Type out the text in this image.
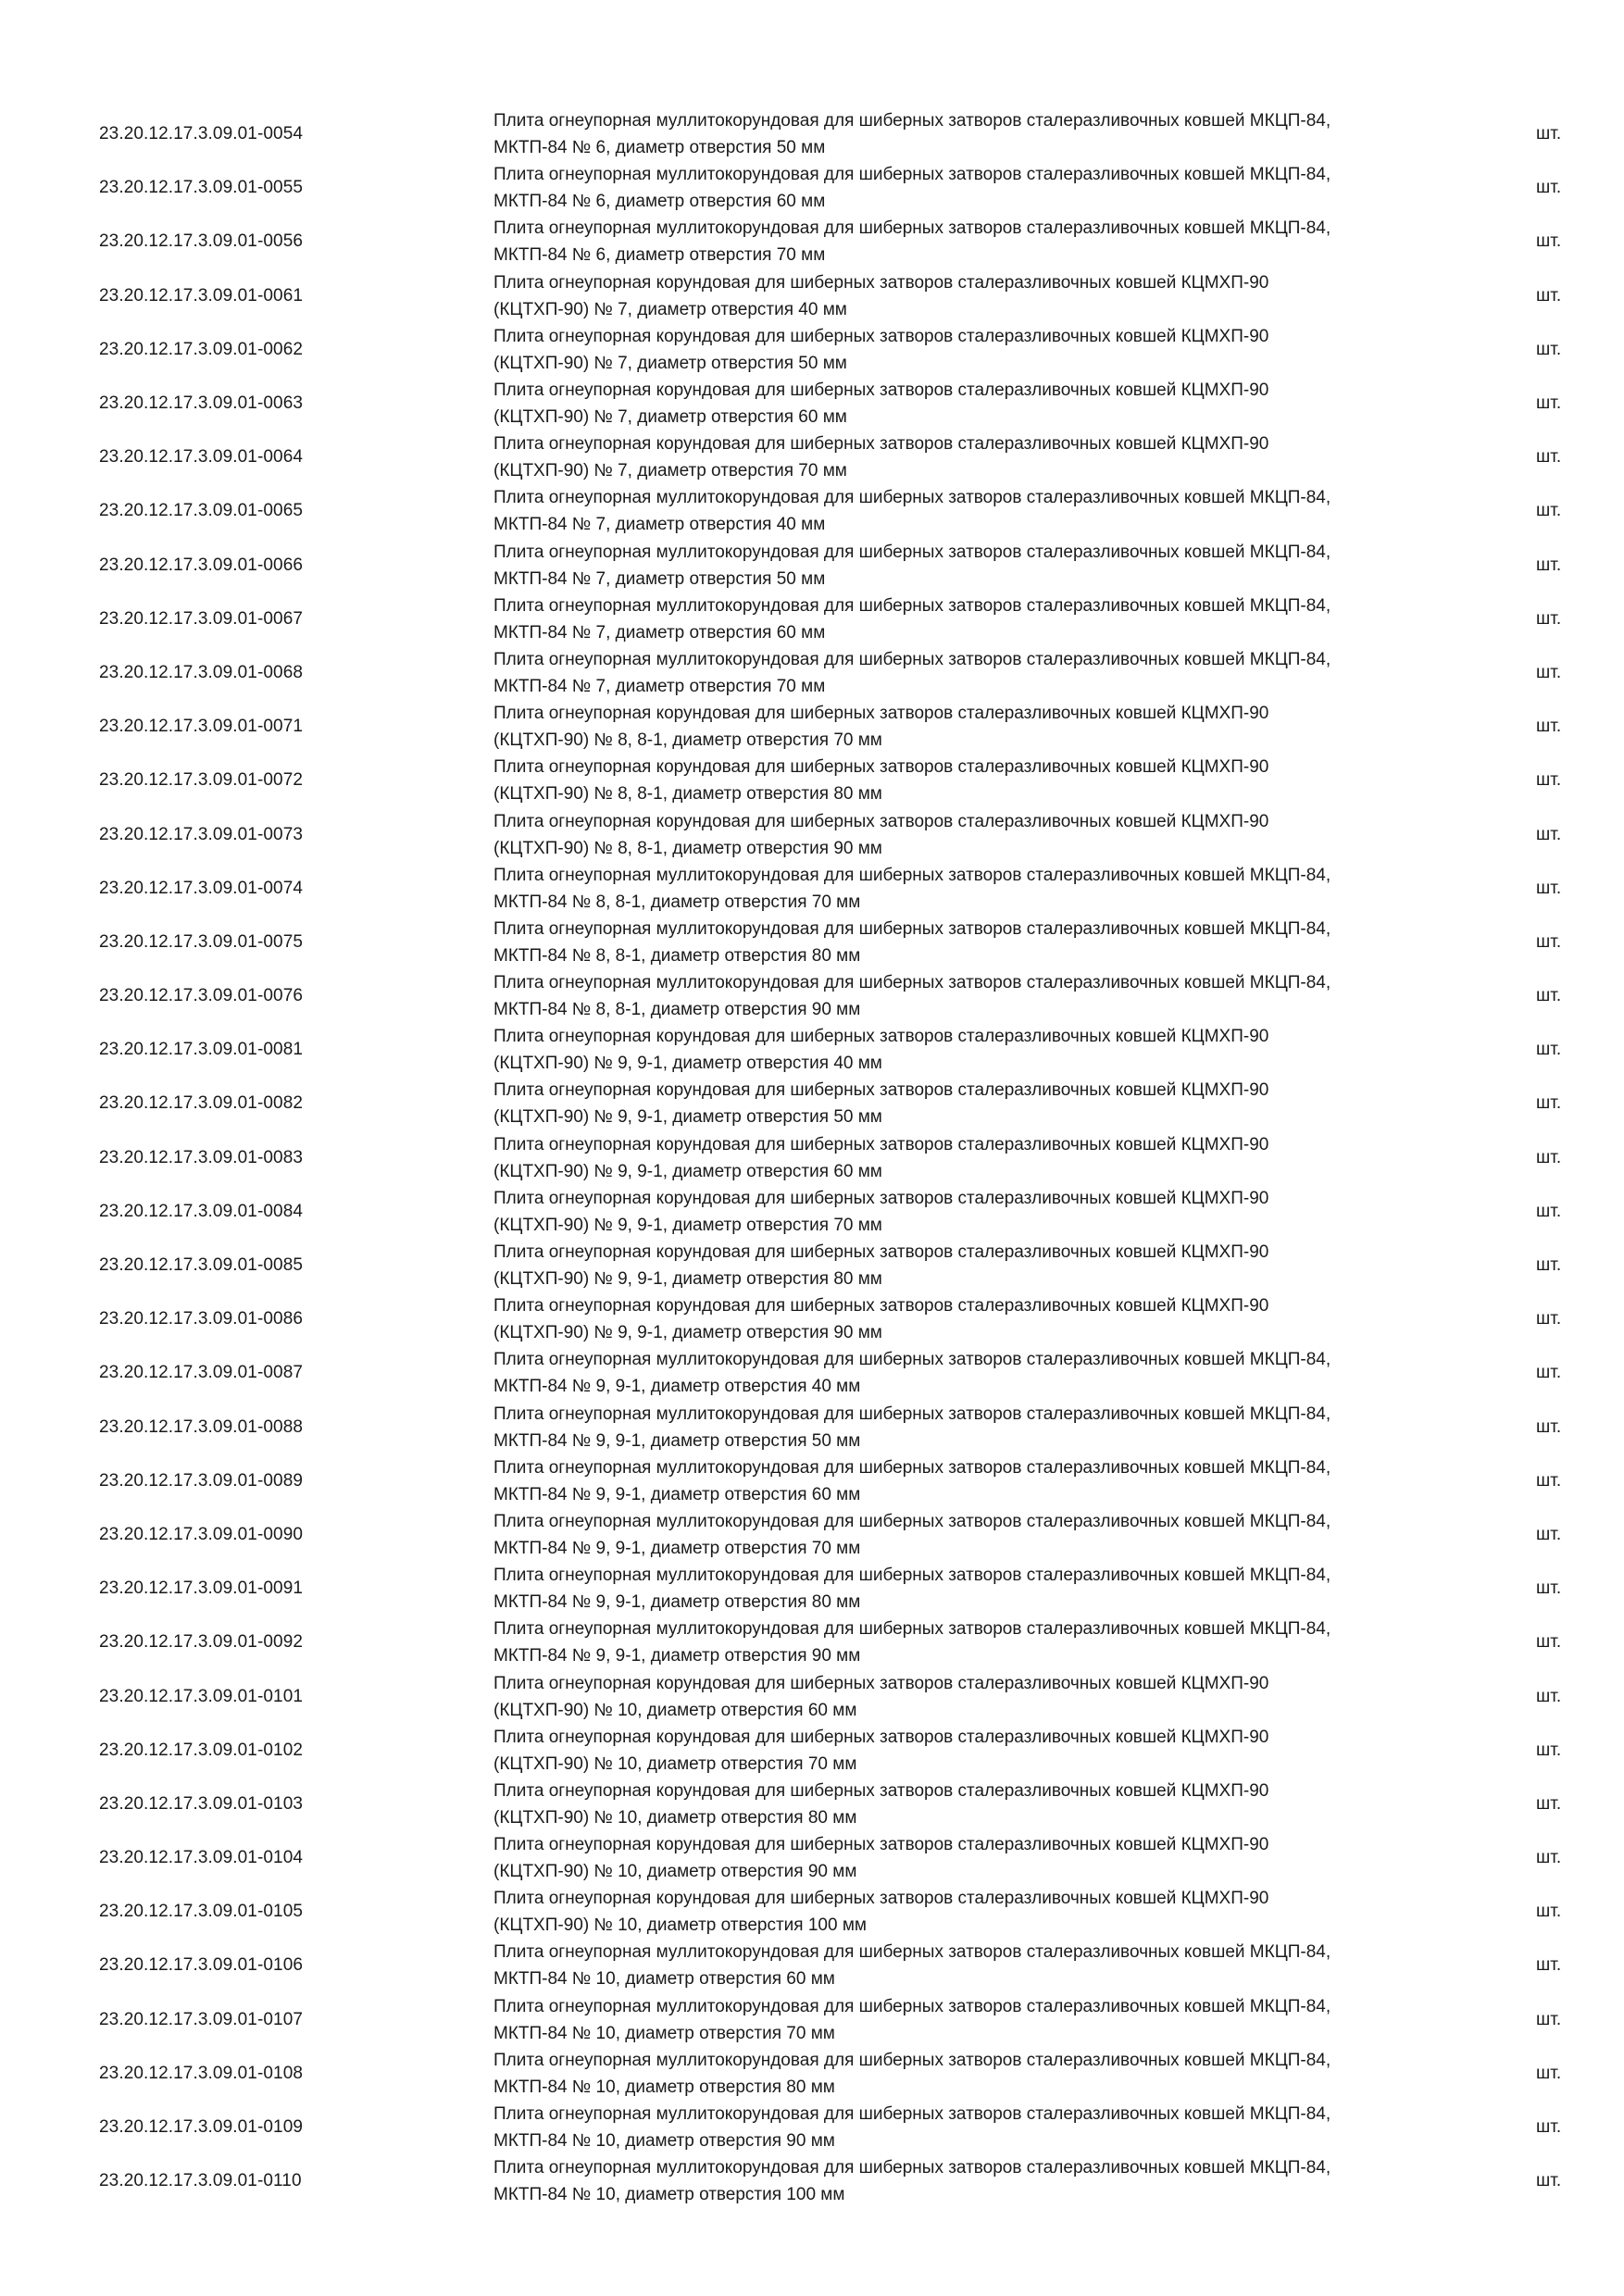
23.20.12.17.3.09.01-0054
Плита огнеупорная муллитокорундовая для шиберных затворов сталеразливочных ковшей МКЦП-84,
МКТП-84 № 6, диаметр отверстия 50 мм
шт.
23.20.12.17.3.09.01-0055
Плита огнеупорная муллитокорундовая для шиберных затворов сталеразливочных ковшей МКЦП-84,
МКТП-84 № 6, диаметр отверстия 60 мм
шт.
23.20.12.17.3.09.01-0056
Плита огнеупорная муллитокорундовая для шиберных затворов сталеразливочных ковшей МКЦП-84,
МКТП-84 № 6, диаметр отверстия 70 мм
шт.
23.20.12.17.3.09.01-0061
Плита огнеупорная корундовая для шиберных затворов сталеразливочных ковшей КЦМХП-90
(КЦТХП-90) № 7, диаметр отверстия 40 мм
шт.
23.20.12.17.3.09.01-0062
Плита огнеупорная корундовая для шиберных затворов сталеразливочных ковшей КЦМХП-90
(КЦТХП-90) № 7, диаметр отверстия 50 мм
шт.
23.20.12.17.3.09.01-0063
Плита огнеупорная корундовая для шиберных затворов сталеразливочных ковшей КЦМХП-90
(КЦТХП-90) № 7, диаметр отверстия 60 мм
шт.
23.20.12.17.3.09.01-0064
Плита огнеупорная корундовая для шиберных затворов сталеразливочных ковшей КЦМХП-90
(КЦТХП-90) № 7, диаметр отверстия 70 мм
шт.
23.20.12.17.3.09.01-0065
Плита огнеупорная муллитокорундовая для шиберных затворов сталеразливочных ковшей МКЦП-84,
МКТП-84 № 7, диаметр отверстия 40 мм
шт.
23.20.12.17.3.09.01-0066
Плита огнеупорная муллитокорундовая для шиберных затворов сталеразливочных ковшей МКЦП-84,
МКТП-84 № 7, диаметр отверстия 50 мм
шт.
23.20.12.17.3.09.01-0067
Плита огнеупорная муллитокорундовая для шиберных затворов сталеразливочных ковшей МКЦП-84,
МКТП-84 № 7, диаметр отверстия 60 мм
шт.
23.20.12.17.3.09.01-0068
Плита огнеупорная муллитокорундовая для шиберных затворов сталеразливочных ковшей МКЦП-84,
МКТП-84 № 7, диаметр отверстия 70 мм
шт.
23.20.12.17.3.09.01-0071
Плита огнеупорная корундовая для шиберных затворов сталеразливочных ковшей КЦМХП-90
(КЦТХП-90) № 8, 8-1, диаметр отверстия 70 мм
шт.
23.20.12.17.3.09.01-0072
Плита огнеупорная корундовая для шиберных затворов сталеразливочных ковшей КЦМХП-90
(КЦТХП-90) № 8, 8-1, диаметр отверстия 80 мм
шт.
23.20.12.17.3.09.01-0073
Плита огнеупорная корундовая для шиберных затворов сталеразливочных ковшей КЦМХП-90
(КЦТХП-90) № 8, 8-1, диаметр отверстия 90 мм
шт.
23.20.12.17.3.09.01-0074
Плита огнеупорная муллитокорундовая для шиберных затворов сталеразливочных ковшей МКЦП-84,
МКТП-84 № 8, 8-1, диаметр отверстия 70 мм
шт.
23.20.12.17.3.09.01-0075
Плита огнеупорная муллитокорундовая для шиберных затворов сталеразливочных ковшей МКЦП-84,
МКТП-84 № 8, 8-1, диаметр отверстия 80 мм
шт.
23.20.12.17.3.09.01-0076
Плита огнеупорная муллитокорундовая для шиберных затворов сталеразливочных ковшей МКЦП-84,
МКТП-84 № 8, 8-1, диаметр отверстия 90 мм
шт.
23.20.12.17.3.09.01-0081
Плита огнеупорная корундовая для шиберных затворов сталеразливочных ковшей КЦМХП-90
(КЦТХП-90) № 9, 9-1, диаметр отверстия 40 мм
шт.
23.20.12.17.3.09.01-0082
Плита огнеупорная корундовая для шиберных затворов сталеразливочных ковшей КЦМХП-90
(КЦТХП-90) № 9, 9-1, диаметр отверстия 50 мм
шт.
23.20.12.17.3.09.01-0083
Плита огнеупорная корундовая для шиберных затворов сталеразливочных ковшей КЦМХП-90
(КЦТХП-90) № 9, 9-1, диаметр отверстия 60 мм
шт.
23.20.12.17.3.09.01-0084
Плита огнеупорная корундовая для шиберных затворов сталеразливочных ковшей КЦМХП-90
(КЦТХП-90) № 9, 9-1, диаметр отверстия 70 мм
шт.
23.20.12.17.3.09.01-0085
Плита огнеупорная корундовая для шиберных затворов сталеразливочных ковшей КЦМХП-90
(КЦТХП-90) № 9, 9-1, диаметр отверстия 80 мм
шт.
23.20.12.17.3.09.01-0086
Плита огнеупорная корундовая для шиберных затворов сталеразливочных ковшей КЦМХП-90
(КЦТХП-90) № 9, 9-1, диаметр отверстия 90 мм
шт.
23.20.12.17.3.09.01-0087
Плита огнеупорная муллитокорундовая для шиберных затворов сталеразливочных ковшей МКЦП-84,
МКТП-84 № 9, 9-1, диаметр отверстия 40 мм
шт.
23.20.12.17.3.09.01-0088
Плита огнеупорная муллитокорундовая для шиберных затворов сталеразливочных ковшей МКЦП-84,
МКТП-84 № 9, 9-1, диаметр отверстия 50 мм
шт.
23.20.12.17.3.09.01-0089
Плита огнеупорная муллитокорундовая для шиберных затворов сталеразливочных ковшей МКЦП-84,
МКТП-84 № 9, 9-1, диаметр отверстия 60 мм
шт.
23.20.12.17.3.09.01-0090
Плита огнеупорная муллитокорундовая для шиберных затворов сталеразливочных ковшей МКЦП-84,
МКТП-84 № 9, 9-1, диаметр отверстия 70 мм
шт.
23.20.12.17.3.09.01-0091
Плита огнеупорная муллитокорундовая для шиберных затворов сталеразливочных ковшей МКЦП-84,
МКТП-84 № 9, 9-1, диаметр отверстия 80 мм
шт.
23.20.12.17.3.09.01-0092
Плита огнеупорная муллитокорундовая для шиберных затворов сталеразливочных ковшей МКЦП-84,
МКТП-84 № 9, 9-1, диаметр отверстия 90 мм
шт.
23.20.12.17.3.09.01-0101
Плита огнеупорная корундовая для шиберных затворов сталеразливочных ковшей КЦМХП-90
(КЦТХП-90) № 10, диаметр отверстия 60 мм
шт.
23.20.12.17.3.09.01-0102
Плита огнеупорная корундовая для шиберных затворов сталеразливочных ковшей КЦМХП-90
(КЦТХП-90) № 10, диаметр отверстия 70 мм
шт.
23.20.12.17.3.09.01-0103
Плита огнеупорная корундовая для шиберных затворов сталеразливочных ковшей КЦМХП-90
(КЦТХП-90) № 10, диаметр отверстия 80 мм
шт.
23.20.12.17.3.09.01-0104
Плита огнеупорная корундовая для шиберных затворов сталеразливочных ковшей КЦМХП-90
(КЦТХП-90) № 10, диаметр отверстия 90 мм
шт.
23.20.12.17.3.09.01-0105
Плита огнеупорная корундовая для шиберных затворов сталеразливочных ковшей КЦМХП-90
(КЦТХП-90) № 10, диаметр отверстия 100 мм
шт.
23.20.12.17.3.09.01-0106
Плита огнеупорная муллитокорундовая для шиберных затворов сталеразливочных ковшей МКЦП-84,
МКТП-84 № 10, диаметр отверстия 60 мм
шт.
23.20.12.17.3.09.01-0107
Плита огнеупорная муллитокорундовая для шиберных затворов сталеразливочных ковшей МКЦП-84,
МКТП-84 № 10, диаметр отверстия 70 мм
шт.
23.20.12.17.3.09.01-0108
Плита огнеупорная муллитокорундовая для шиберных затворов сталеразливочных ковшей МКЦП-84,
МКТП-84 № 10, диаметр отверстия 80 мм
шт.
23.20.12.17.3.09.01-0109
Плита огнеупорная муллитокорундовая для шиберных затворов сталеразливочных ковшей МКЦП-84,
МКТП-84 № 10, диаметр отверстия 90 мм
шт.
23.20.12.17.3.09.01-0110
Плита огнеупорная муллитокорундовая для шиберных затворов сталеразливочных ковшей МКЦП-84,
МКТП-84 № 10, диаметр отверстия 100 мм
шт.
